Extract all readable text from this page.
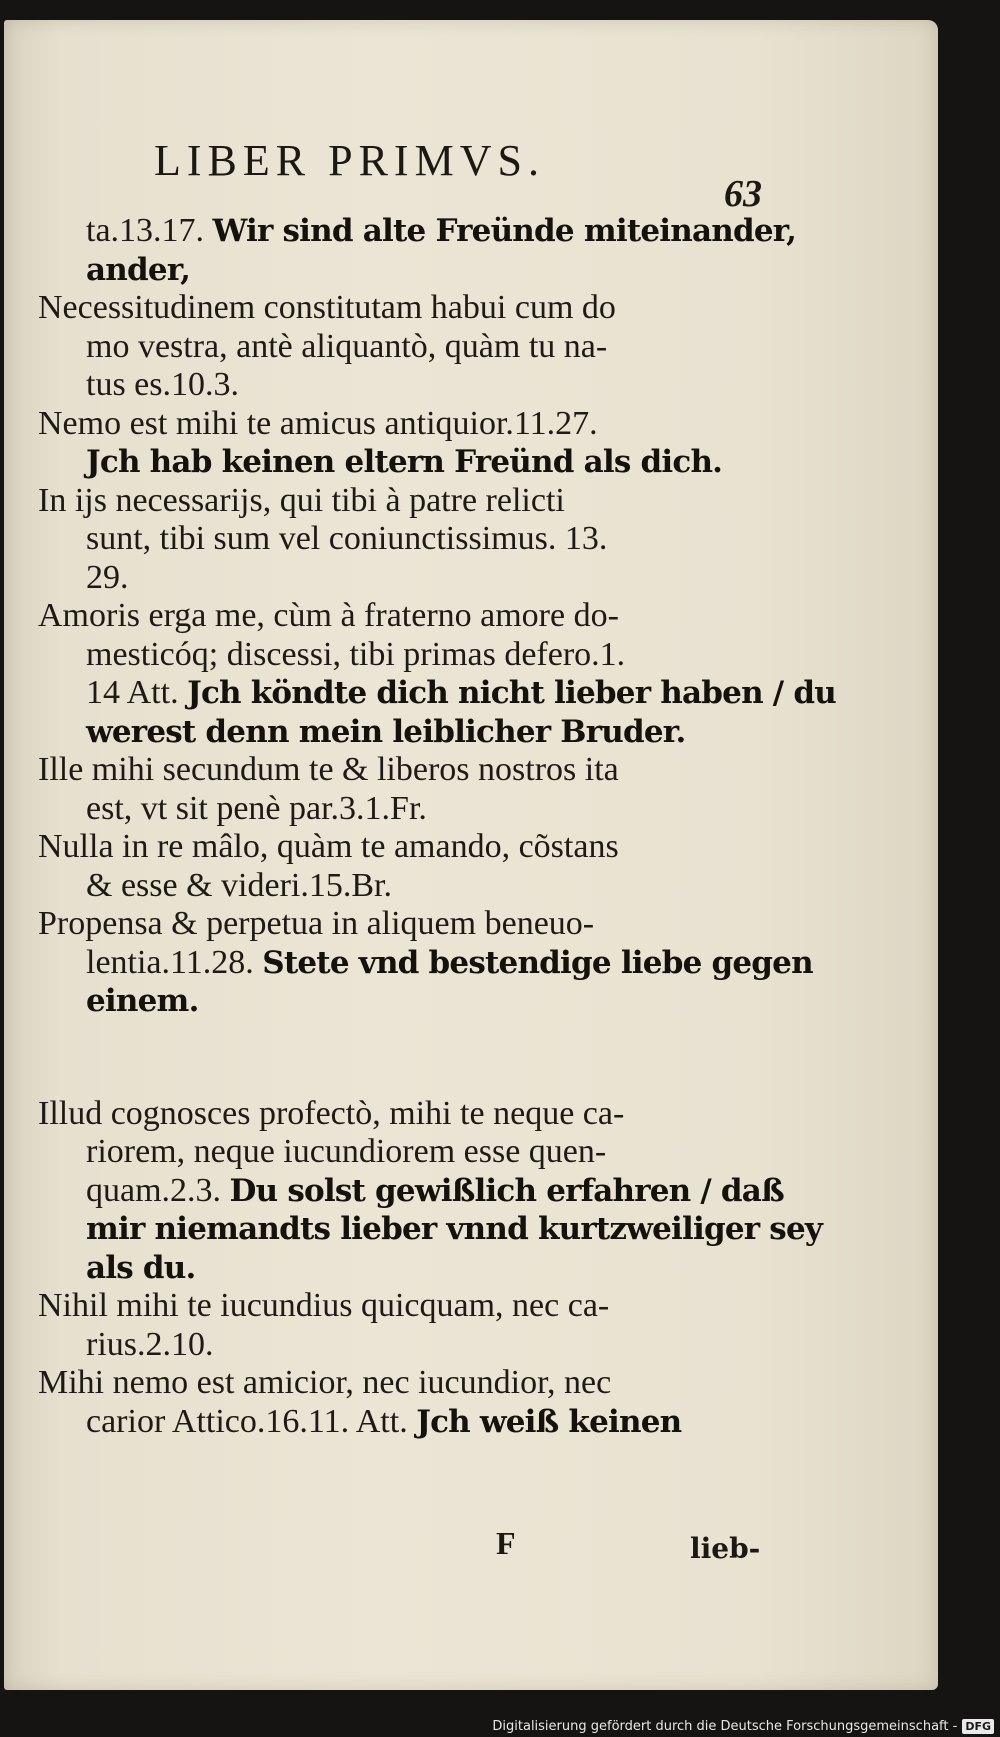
LIBER PRIMVS.
63
ta.13.17. Wir sind alte Freünde miteinander,
ander,
Necessitudinem constitutam habui cum do
mo vestra, antè aliquantò, quàm tu na-
tus es.10.3.
Nemo est mihi te amicus antiquior.11.27.
Jch hab keinen eltern Freünd als dich.
In ijs necessarijs, qui tibi à patre relicti
sunt, tibi sum vel coniunctissimus. 13.
29.
Amoris erga me, cùm à fraterno amore do-
mesticóq; discessi, tibi primas defero.1.
14 Att. Jch köndte dich nicht lieber haben / du
werest denn mein leiblicher Bruder.
Ille mihi secundum te & liberos nostros ita
est, vt sit penè par.3.1.Fr.
Nulla in re mâlo, quàm te amando, cõstans
& esse & videri.15.Br.
Propensa & perpetua in aliquem beneuo-
lentia.11.28. Stete vnd bestendige liebe gegen
einem.
Illud cognosces profectò, mihi te neque ca-
riorem, neque iucundiorem esse quen-
quam.2.3. Du solst gewißlich erfahren / daß
mir niemandts lieber vnnd kurtzweiliger sey
als du.
Nihil mihi te iucundius quicquam, nec ca-
rius.2.10.
Mihi nemo est amicior, nec iucundior, nec
carior Attico.16.11. Att. Jch weiß keinen
F	lieb-
Digitalisierung gefördert durch die Deutsche Forschungsgemeinschaft - DFG
